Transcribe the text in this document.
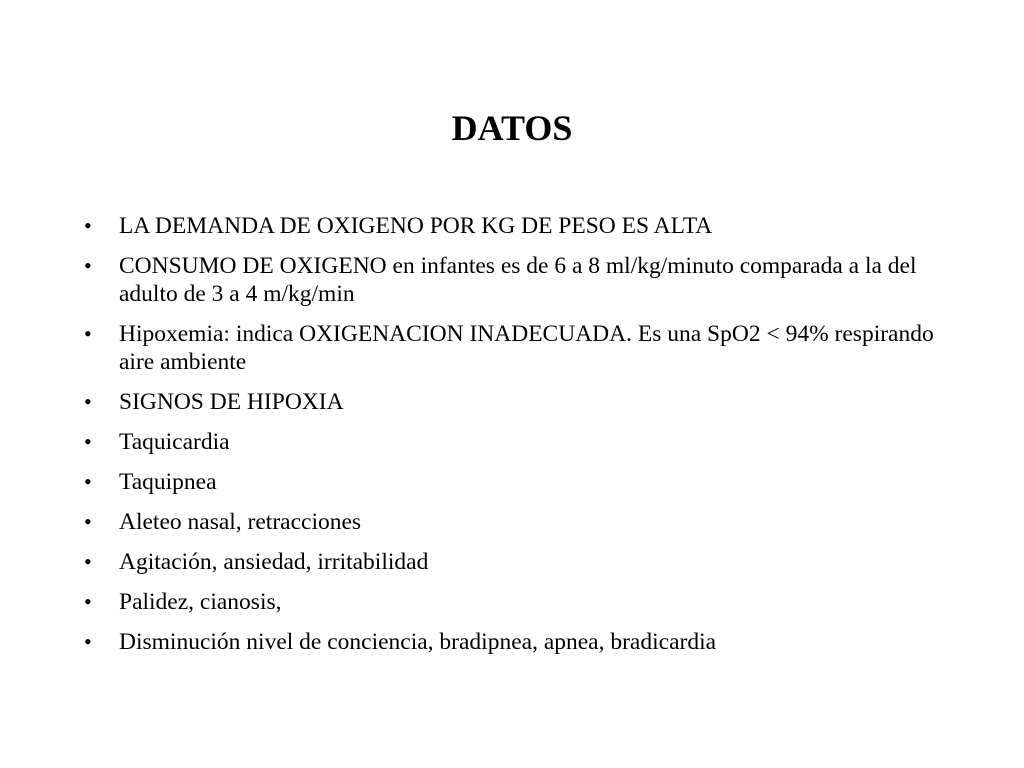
DATOS
•	LA DEMANDA DE OXIGENO POR KG DE PESO ES ALTA
•	CONSUMO DE OXIGENO en infantes es de 6 a 8 ml/kg/minuto comparada a la del adulto de 3 a 4 m/kg/min
•	Hipoxemia: indica OXIGENACION INADECUADA. Es una SpO2 < 94% respirando aire ambiente
•	SIGNOS DE HIPOXIA
•	Taquicardia
•	Taquipnea
•	Aleteo nasal, retracciones
•	Agitación, ansiedad, irritabilidad
•	Palidez, cianosis,
•	Disminución nivel de conciencia, bradipnea, apnea, bradicardia
